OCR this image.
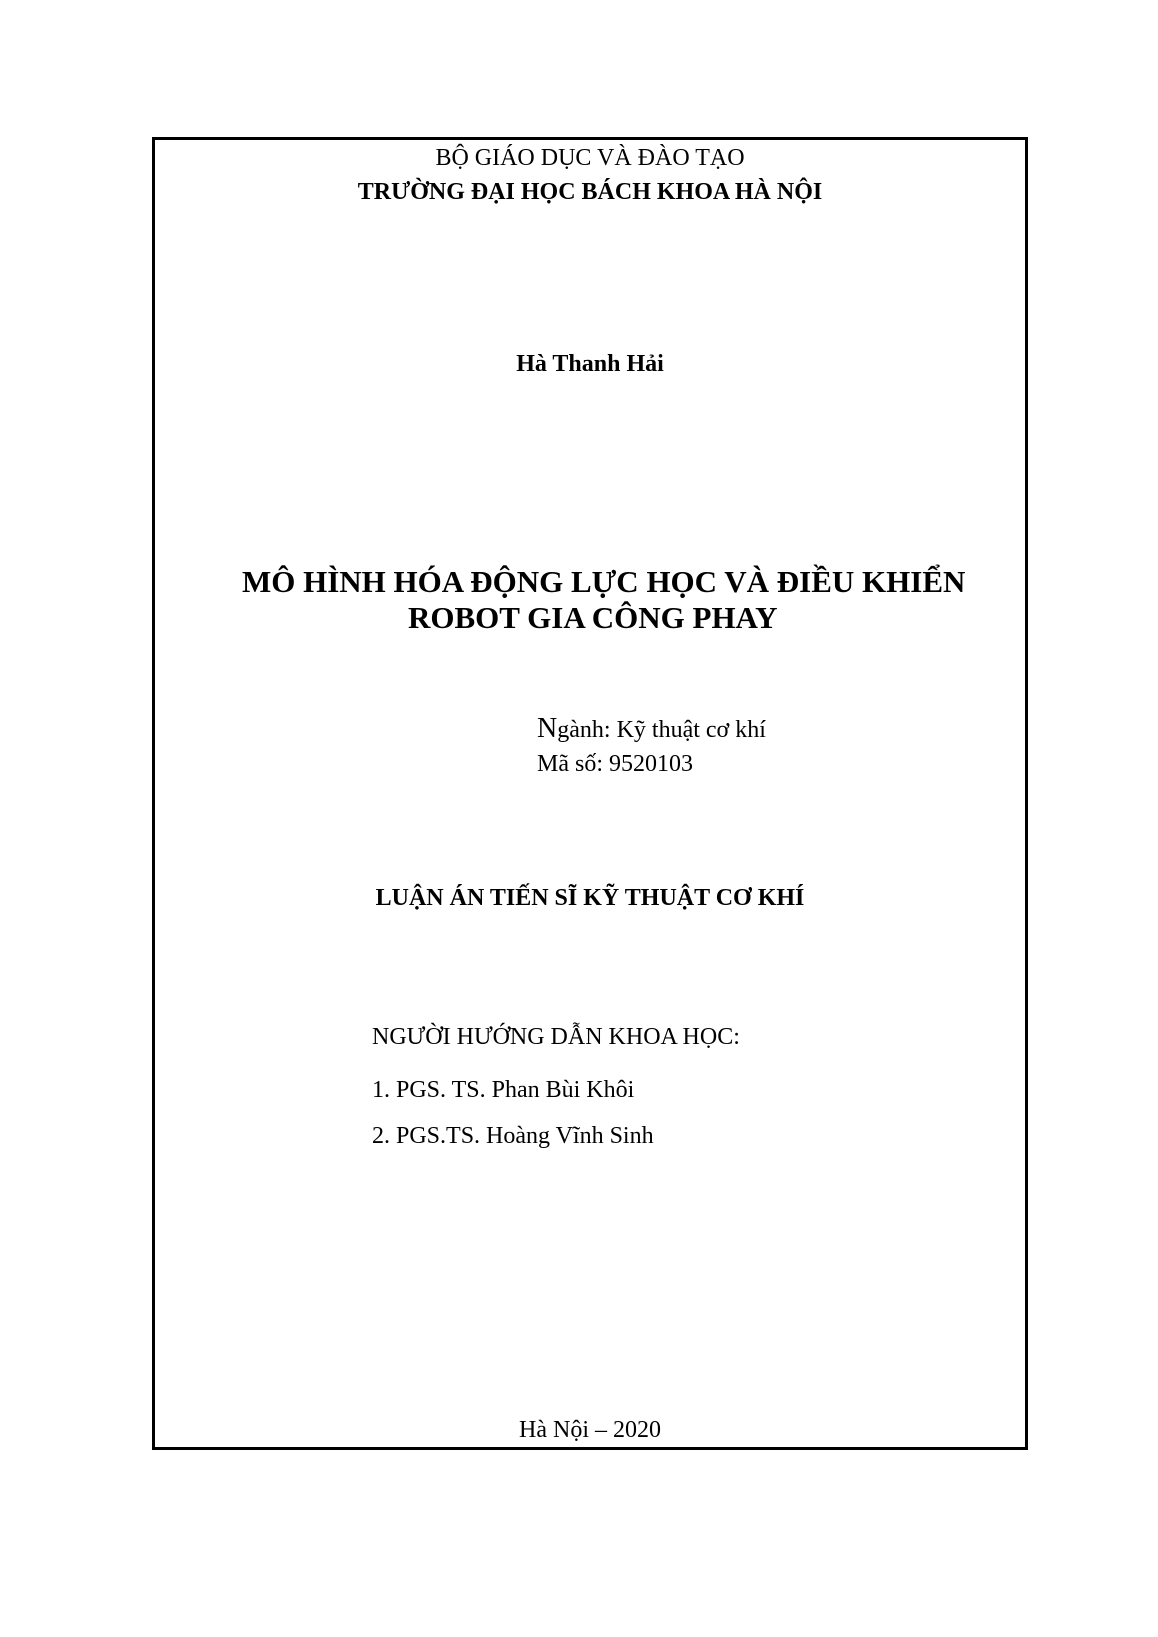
BỘ GIÁO DỤC VÀ ĐÀO TẠO
TRƯỜNG ĐẠI HỌC BÁCH KHOA HÀ NỘI
Hà Thanh Hải
MÔ HÌNH HÓA ĐỘNG LỰC HỌC VÀ ĐIỀU KHIỂN
ROBOT GIA CÔNG PHAY
Ngành: Kỹ thuật cơ khí
Mã số: 9520103
LUẬN ÁN TIẾN SĨ KỸ THUẬT CƠ KHÍ
NGƯỜI HƯỚNG DẪN KHOA HỌC:
1. PGS. TS. Phan Bùi Khôi
2. PGS.TS. Hoàng Vĩnh Sinh
Hà Nội – 2020
